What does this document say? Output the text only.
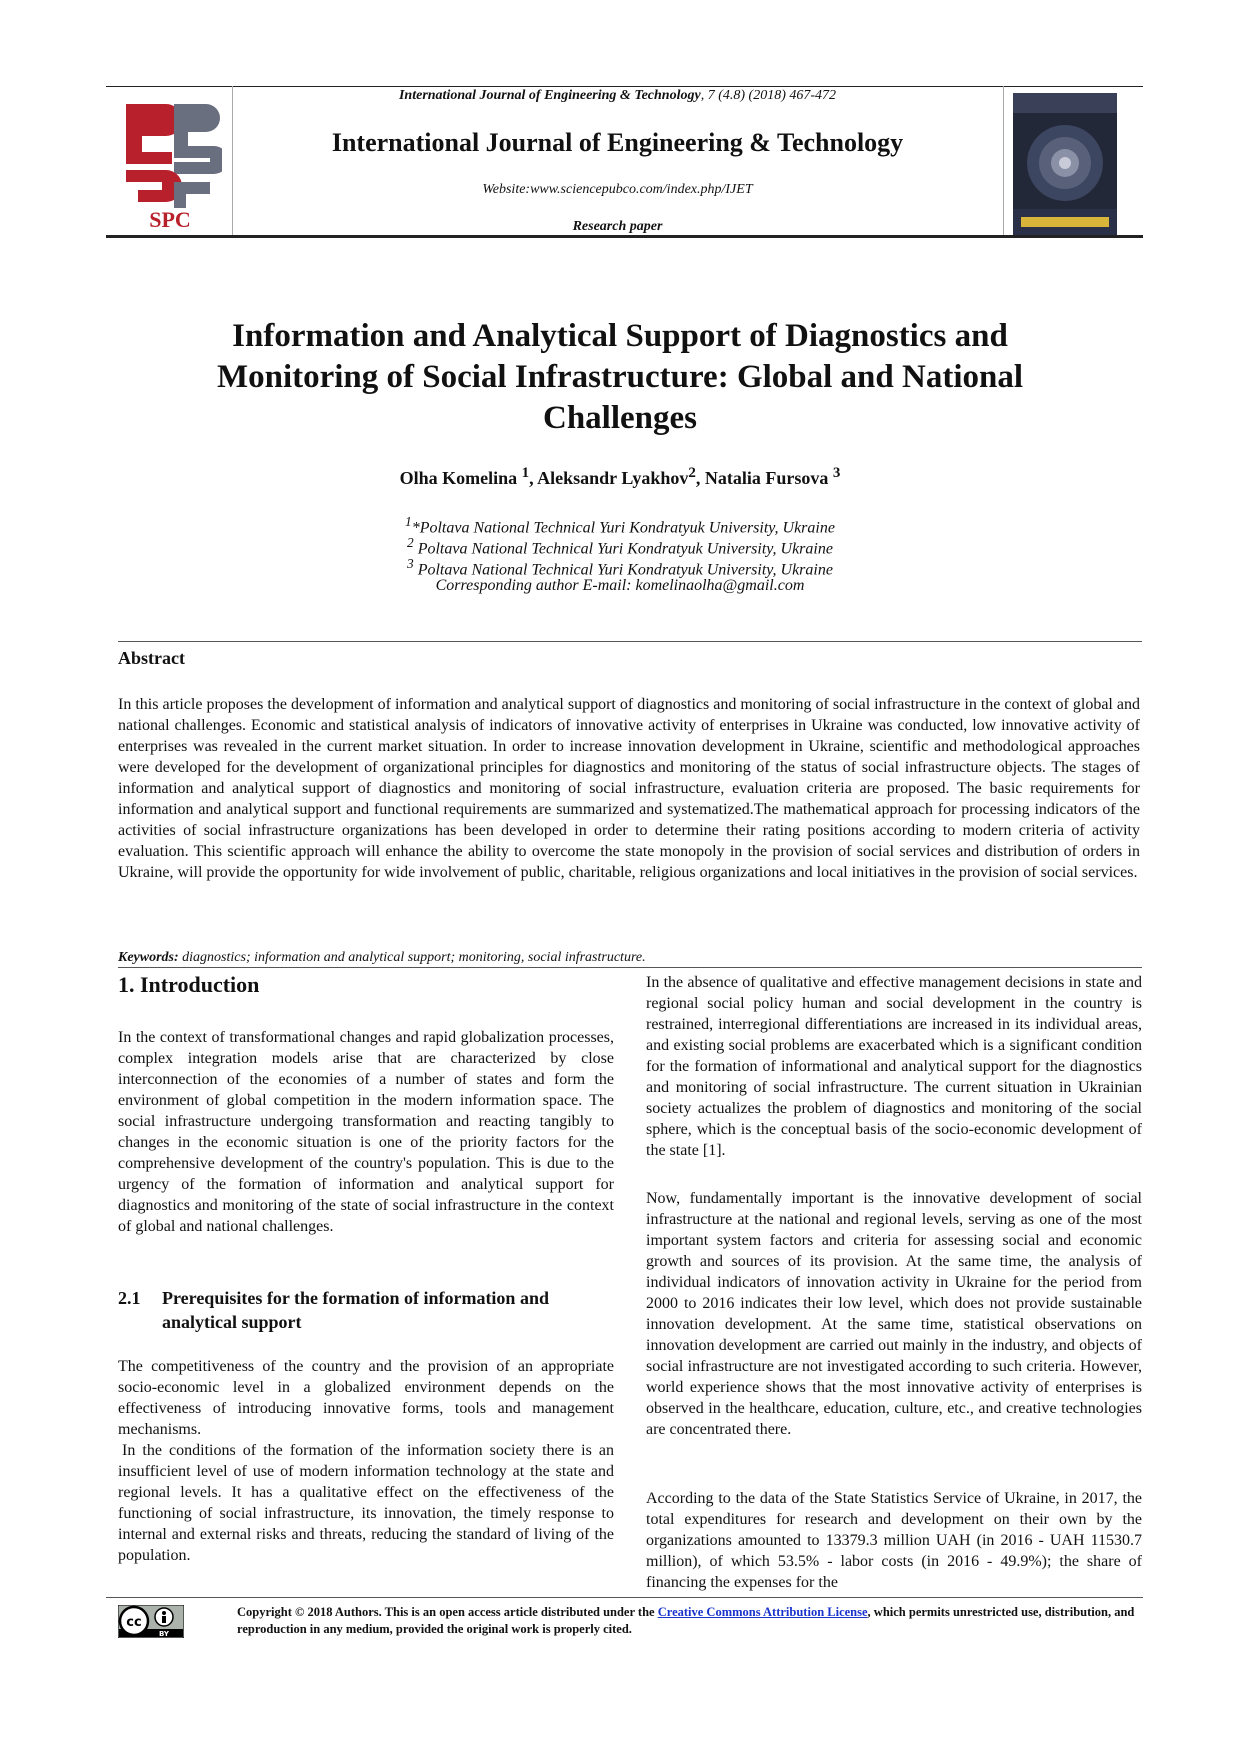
SPC
International Journal of Engineering & Technology, 7 (4.8) (2018) 467-472
International Journal of Engineering & Technology
Website:www.sciencepubco.com/index.php/IJET
Research paper
Information and Analytical Support of Diagnostics and
Monitoring of Social Infrastructure: Global and National
Challenges
Olha Komelina $^1$, Aleksandr Lyakhov$^2$, Natalia Fursova $^3$
$^1$*Poltava National Technical Yuri Kondratyuk University, Ukraine
$^2$ Poltava National Technical Yuri Kondratyuk University, Ukraine
$^3$ Poltava National Technical Yuri Kondratyuk University, Ukraine
Corresponding author E-mail: komelinaolha@gmail.com
Abstract
In this article proposes the development of information and analytical support of diagnostics and monitoring of social infrastructure in the context of global and national challenges. Economic and statistical analysis of indicators of innovative activity of enterprises in Ukraine was conducted, low innovative activity of enterprises was revealed in the current market situation. In order to increase innovation development in Ukraine, scientific and methodological approaches were developed for the development of organizational principles for diagnostics and monitoring of the status of social infrastructure objects. The stages of information and analytical support of diagnostics and monitoring of social infrastructure, evaluation criteria are proposed. The basic requirements for information and analytical support and functional requirements are summarized and systematized.The mathematical approach for processing indicators of the activities of social infrastructure organizations has been developed in order to determine their rating positions according to modern criteria of activity evaluation. This scientific approach will enhance the ability to overcome the state monopoly in the provision of social services and distribution of orders in Ukraine, will provide the opportunity for wide involvement of public, charitable, religious organizations and local initiatives in the provision of social services.
Keywords: diagnostics; information and analytical support; monitoring, social infrastructure.
1. Introduction
In the context of transformational changes and rapid globalization processes, complex integration models arise that are characterized by close interconnection of the economies of a number of states and form the environment of global competition in the modern information space. The social infrastructure undergoing transformation and reacting tangibly to changes in the economic situation is one of the priority factors for the comprehensive development of the country's population. This is due to the urgency of the formation of information and analytical support for diagnostics and monitoring of the state of social infrastructure in the context of global and national challenges.
2.1 Prerequisites for the formation of information and analytical support
The competitiveness of the country and the provision of an appropriate socio-economic level in a globalized environment depends on the effectiveness of introducing innovative forms, tools and management mechanisms.
In the conditions of the formation of the information society there is an insufficient level of use of modern information technology at the state and regional levels. It has a qualitative effect on the effectiveness of the functioning of social infrastructure, its innovation, the timely response to internal and external risks and threats, reducing the standard of living of the population.
In the absence of qualitative and effective management decisions in state and regional social policy human and social development in the country is restrained, interregional differentiations are increased in its individual areas, and existing social problems are exacerbated which is a significant condition for the formation of informational and analytical support for the diagnostics and monitoring of social infrastructure. The current situation in Ukrainian society actualizes the problem of diagnostics and monitoring of the social sphere, which is the conceptual basis of the socio-economic development of the state [1].
Now, fundamentally important is the innovative development of social infrastructure at the national and regional levels, serving as one of the most important system factors and criteria for assessing social and economic growth and sources of its provision. At the same time, the analysis of individual indicators of innovation activity in Ukraine for the period from 2000 to 2016 indicates their low level, which does not provide sustainable innovation development. At the same time, statistical observations on innovation development are carried out mainly in the industry, and objects of social infrastructure are not investigated according to such criteria. However, world experience shows that the most innovative activity of enterprises is observed in the healthcare, education, culture, etc., and creative technologies are concentrated there.
According to the data of the State Statistics Service of Ukraine, in 2017, the total expenditures for research and development on their own by the organizations amounted to 13379.3 million UAH (in 2016 - UAH 11530.7 million), of which 53.5% - labor costs (in 2016 - 49.9%); the share of financing the expenses for the
cc
BY
Copyright © 2018 Authors. This is an open access article distributed under the Creative Commons Attribution License, which permits unrestricted use, distribution, and reproduction in any medium, provided the original work is properly cited.
